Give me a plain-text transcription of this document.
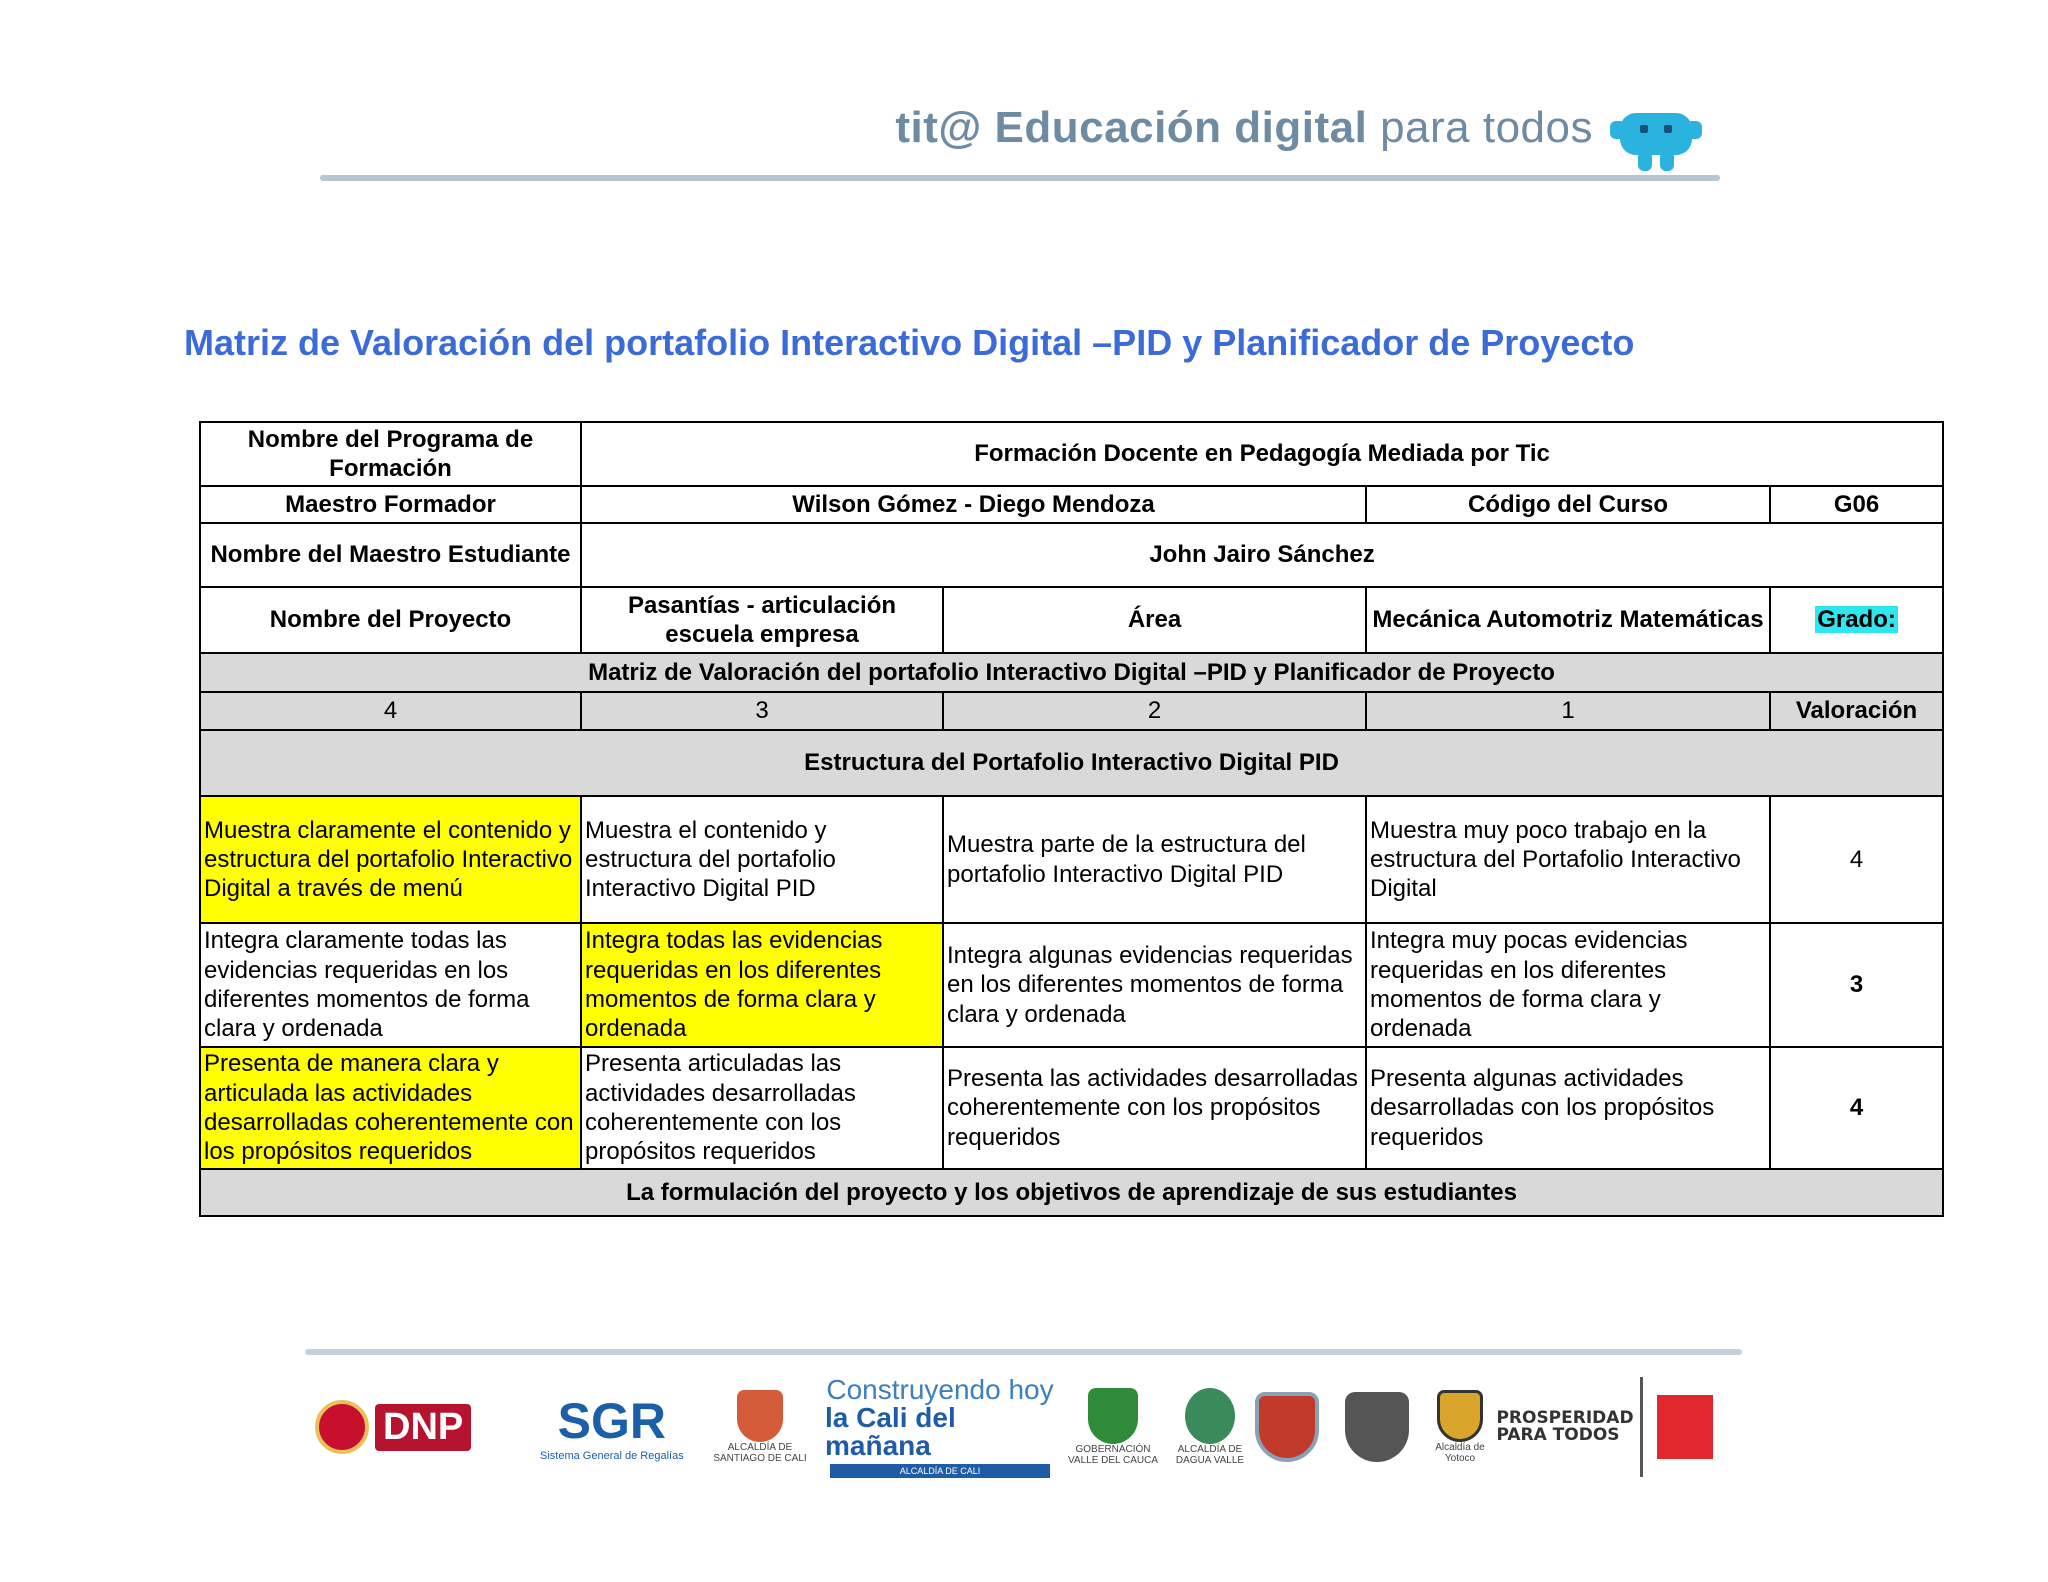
tit@ Educación digital para todos
Matriz de Valoración del portafolio Interactivo Digital –PID y Planificador de Proyecto
Nombre del Programa de Formación	Formación Docente en Pedagogía Mediada por Tic			
Maestro Formador	Wilson Gómez - Diego Mendoza		Código del Curso	G06
Nombre del Maestro Estudiante	John Jairo Sánchez			
Nombre del Proyecto	Pasantías - articulación escuela empresa	Área	Mecánica Automotriz Matemáticas	Grado:
Matriz de Valoración del portafolio Interactivo Digital –PID y Planificador de Proyecto				
4	3	2	1	Valoración
Estructura del Portafolio Interactivo Digital PID				
Muestra claramente el contenido y estructura del portafolio Interactivo Digital a través de menú	Muestra el contenido y estructura del portafolio Interactivo Digital PID	Muestra parte de la estructura del portafolio Interactivo Digital PID	Muestra muy poco trabajo en la estructura del Portafolio Interactivo Digital	4
Integra claramente todas las evidencias requeridas en los diferentes momentos de forma clara y ordenada	Integra todas las evidencias requeridas en los diferentes momentos de forma clara y ordenada	Integra algunas evidencias requeridas en los diferentes momentos de forma clara y ordenada	Integra muy pocas evidencias requeridas en los diferentes momentos de forma clara y ordenada	3
Presenta de manera clara y articulada las actividades desarrolladas coherentemente con los propósitos requeridos	Presenta articuladas las actividades desarrolladas coherentemente con los propósitos requeridos	Presenta las actividades desarrolladas coherentemente con los propósitos requeridos	Presenta algunas actividades desarrolladas con los propósitos requeridos	4
La formulación del proyecto y los objetivos de aprendizaje de sus estudiantes				
DNP SGR
Sistema General de Regalías
ALCALDÍA DE SANTIAGO DE CALI
Construyendo hoy
la Cali del mañana
ALCALDÍA DE CALI
GOBERNACIÓN VALLE DEL CAUCA
ALCALDÍA DE DAGUA VALLE
Alcaldía de Yotoco
PROSPERIDAD PARA TODOS
